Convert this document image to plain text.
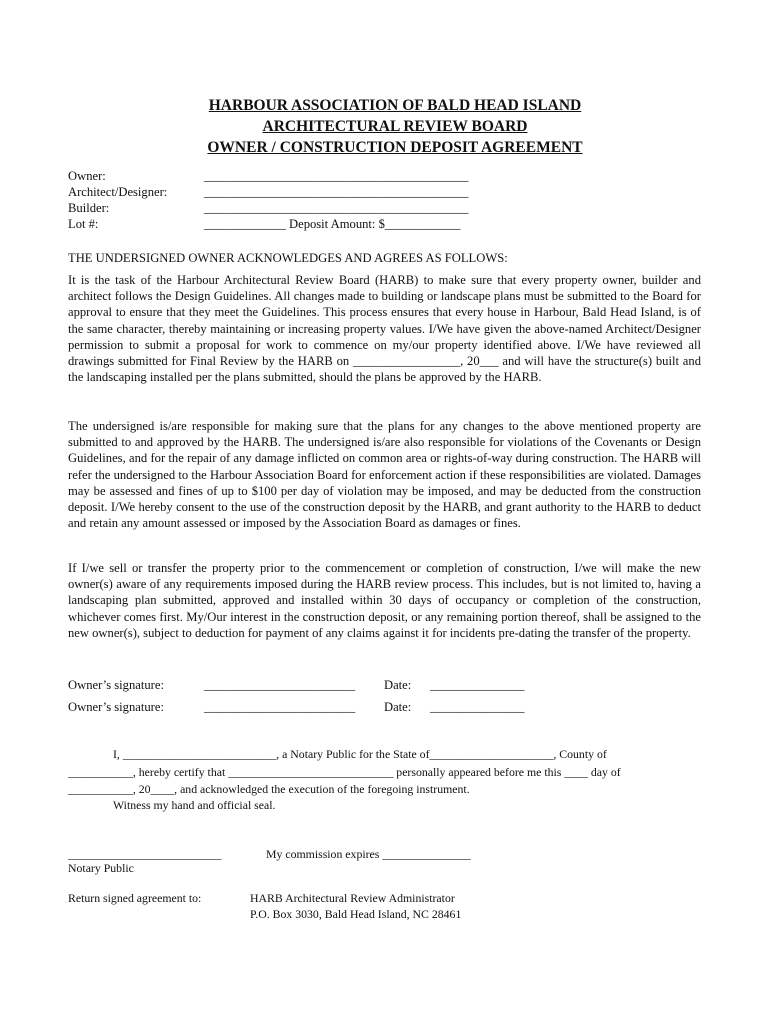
HARBOUR ASSOCIATION OF BALD HEAD ISLAND
ARCHITECTURAL REVIEW BOARD
OWNER / CONSTRUCTION DEPOSIT AGREEMENT
Owner:	__________________________________________
Architect/Designer:	__________________________________________
Builder:	__________________________________________
Lot #:	_____________ Deposit Amount: $____________
THE UNDERSIGNED OWNER ACKNOWLEDGES AND AGREES AS FOLLOWS:
It is the task of the Harbour Architectural Review Board (HARB) to make sure that every property owner, builder and architect follows the Design Guidelines. All changes made to building or landscape plans must be submitted to the Board for approval to ensure that they meet the Guidelines. This process ensures that every house in Harbour, Bald Head Island, is of the same character, thereby maintaining or increasing property values. I/We have given the above-named Architect/Designer permission to submit a proposal for work to commence on my/our property identified above. I/We have reviewed all drawings submitted for Final Review by the HARB on _________________, 20___ and will have the structure(s) built and the landscaping installed per the plans submitted, should the plans be approved by the HARB.
The undersigned is/are responsible for making sure that the plans for any changes to the above mentioned property are submitted to and approved by the HARB. The undersigned is/are also responsible for violations of the Covenants or Design Guidelines, and for the repair of any damage inflicted on common area or rights-of-way during construction. The HARB will refer the undersigned to the Harbour Association Board for enforcement action if these responsibilities are violated. Damages may be assessed and fines of up to $100 per day of violation may be imposed, and may be deducted from the construction deposit. I/We hereby consent to the use of the construction deposit by the HARB, and grant authority to the HARB to deduct and retain any amount assessed or imposed by the Association Board as damages or fines.
If I/we sell or transfer the property prior to the commencement or completion of construction, I/we will make the new owner(s) aware of any requirements imposed during the HARB review process. This includes, but is not limited to, having a landscaping plan submitted, approved and installed within 30 days of occupancy or completion of the construction, whichever comes first. My/Our interest in the construction deposit, or any remaining portion thereof, shall be assigned to the new owner(s), subject to deduction for payment of any claims against it for incidents pre-dating the transfer of the property.
Owner’s signature:	________________________ Date: _______________
Owner’s signature:	________________________ Date: _______________
I, __________________________, a Notary Public for the State of_____________________, County of
___________, hereby certify that ____________________________ personally appeared before me this ____ day of
___________, 20____, and acknowledged the execution of the foregoing instrument.
Witness my hand and official seal.
__________________________	My commission expires _______________
Notary Public
Return signed agreement to:	HARB Architectural Review Administrator
P.O. Box 3030, Bald Head Island, NC 28461
